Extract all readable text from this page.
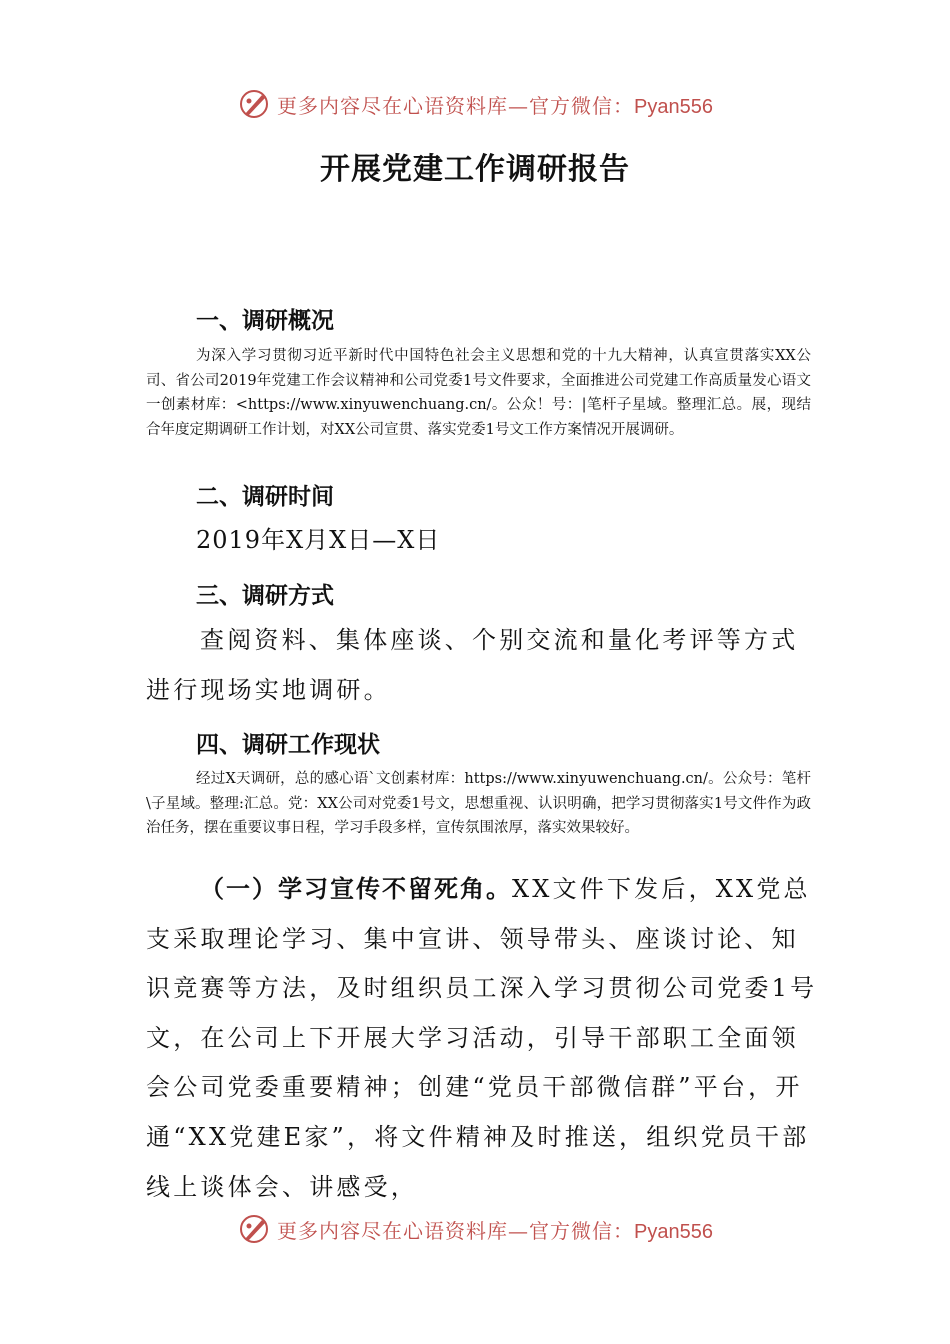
更多内容尽在心语资料库—官方微信：Pyan556
开展党建工作调研报告
一、调研概况
为深入学习贯彻习近平新时代中国特色社会主义思想和党的十九大精神，认真宣贯落实XX公司、省公司2019年党建工作会议精神和公司党委1号文件要求，全面推进公司党建工作高质量发心语文一创素材库：<https://www.xinyuwenchuang.cn/。公众！号：|笔杆子星域。整理汇总。展，现结合年度定期调研工作计划，对XX公司宣贯、落实党委1号文工作方案情况开展调研。
二、调研时间
2019年X月X日—X日
三、调研方式
查阅资料、集体座谈、个别交流和量化考评等方式进行现场实地调研。
四、调研工作现状
经过X天调研，总的感心语`文创素材库：https://www.xinyuwenchuang.cn/。公众号：笔杆\子星域。整理:汇总。党：XX公司对党委1号文，思想重视、认识明确，把学习贯彻落实1号文件作为政治任务，摆在重要议事日程，学习手段多样，宣传氛围浓厚，落实效果较好。
（一）学习宣传不留死角。XX文件下发后，XX党总支采取理论学习、集中宣讲、领导带头、座谈讨论、知识竞赛等方法，及时组织员工深入学习贯彻公司党委1号文，在公司上下开展大学习活动，引导干部职工全面领会公司党委重要精神；创建“党员干部微信群”平台，开通“XX党建E家”，将文件精神及时推送，组织党员干部线上谈体会、讲感受，
更多内容尽在心语资料库—官方微信：Pyan556
